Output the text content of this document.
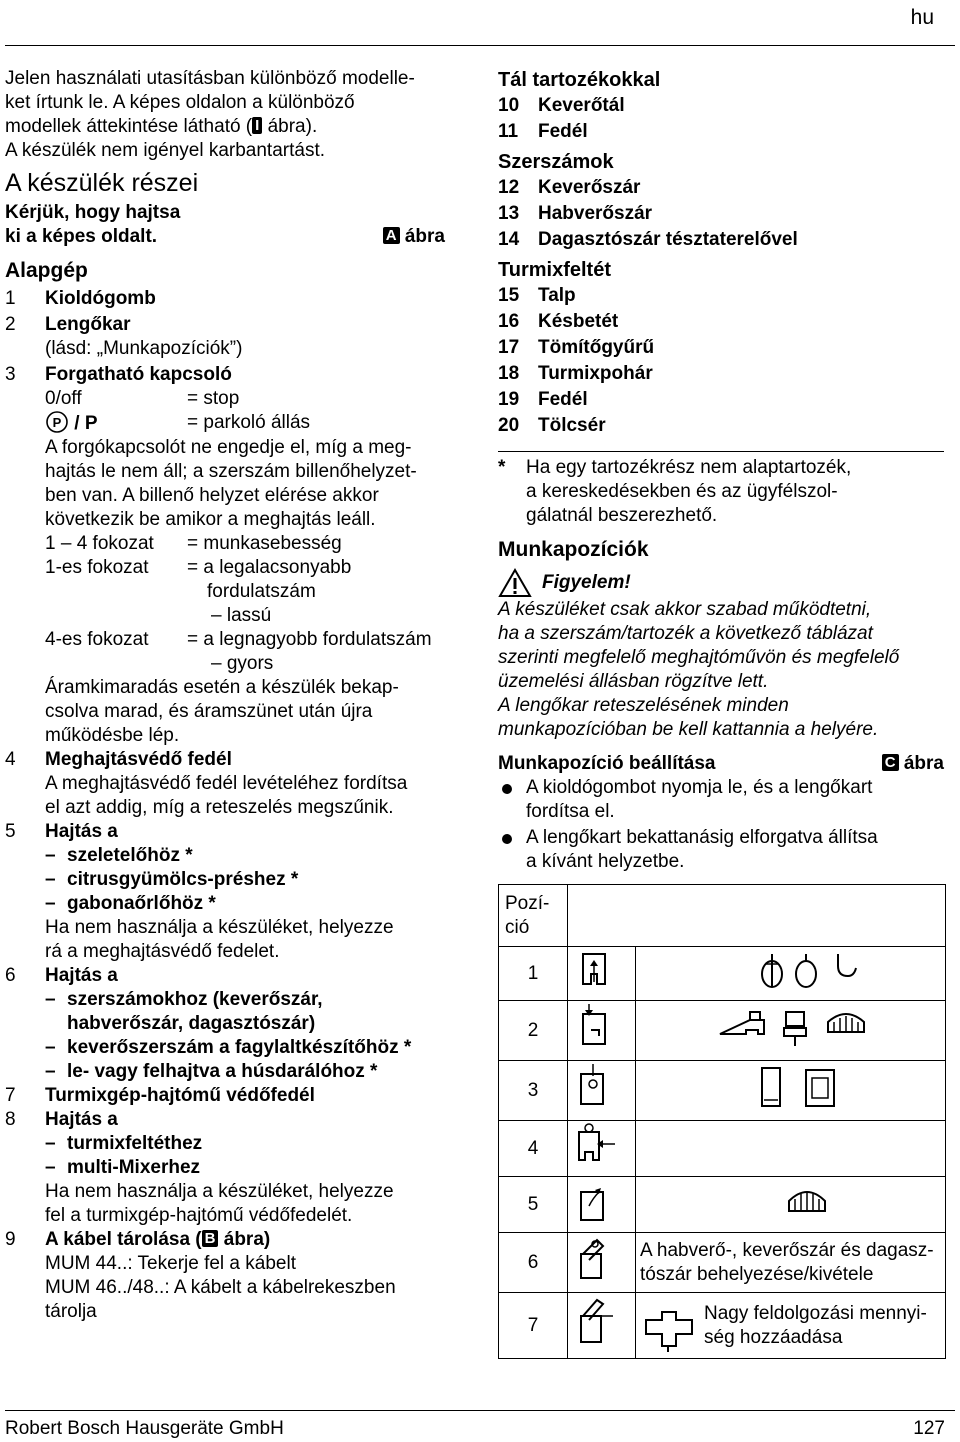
hu

Jelen használati utasításban különböző modelle-

ket írtunk le. A képes oldalon a különböző

modellek áttekintése látható ( I ábra).

A készülék nem igényel karbantartást.

A készülék részei

Kérjük, hogy hajtsa

ki a képes oldalt.	A ábra
Alapgép
1	Kioldógomb
2	Lengőkar
(lásd: „Munkapozíciók”)
3	Forgatható kapcsoló
0/off	= stop
P / P	= parkoló állás
A forgókapcsolót ne engedje el, míg a meg-
hajtás le nem áll; a szerszám billenőhelyzet-
ben van. A billenő helyzet elérése akkor
következik be amikor a meghajtás leáll.
1 – 4 fokozat	= munkasebesség
1-es fokozat	= a legalacsonyabb
fordulatszám
– lassú
4-es fokozat	= a legnagyobb fordulatszám
– gyors
Áramkimaradás esetén a készülék bekap-
csolva marad, és áramszünet után újra
működésbe lép.
4	Meghajtásvédő fedél
A meghajtásvédő fedél levételéhez fordítsa
el azt addig, míg a reteszelés megszűnik.
5	Hajtás a
– szeletelőhöz *
– citrusgyümölcs-préshez *
– gabonaőrlőhöz *
Ha nem használja a készüléket, helyezze
rá a meghajtásvédő fedelet.
6	Hajtás a
– szerszámokhoz (keverőszár,
habverőszár, dagasztószár)
– keverőszerszám a fagylaltkészítőhöz *
– le- vagy felhajtva a húsdarálóhoz *
7	Turmixgép-hajtómű védőfedél
8	Hajtás a
– turmixfeltéthez
– multi-Mixerhez
Ha nem használja a készüléket, helyezze
fel a turmixgép-hajtómű védőfedelét.
9	A kábel tárolása ( B ábra)
MUM 44..: Tekerje fel a kábelt
MUM 46../48..: A kábelt a kábelrekeszben
tárolja
Tál tartozékokkal
10 Keverőtál
11	Fedél
Szerszámok
12 Keverőszár
13 Habverőszár
14 Dagasztószár tésztaterelővel
Turmixfeltét
15 Talp
16 Késbetét
17 Tömítőgyűrű
18 Turmixpohár
19 Fedél
20 Tölcsér
*	Ha egy tartozékrész nem alaptartozék,
a kereskedésekben és az ügyfélszol-
gálatnál beszerezhető.
Munkapozíciók
Figyelem!
A készüléket csak akkor szabad működtetni,
ha a szerszám/tartozék a következő táblázat
szerinti megfelelő meghajtóművön és megfelelő
üzemelési állásban rögzítve lett.
A lengőkar reteszelésének minden
munkapozícióban be kell kattannia a helyére.
Munkapozíció beállítása	C ábra
A kioldógombot nyomja le, és a lengőkart
fordítsa el.
A lengőkart bekattanásig elforgatva állítsa
a kívánt helyzetbe.
Pozí-
ció		

1		
2		
3		
4		
5		
6		A habverő-, keverőszár és dagasz-
tószár behelyezése/kivétele

7		Nagy feldolgozási mennyi-
ség hozzáadása
Robert Bosch Hausgeräte GmbH	127
